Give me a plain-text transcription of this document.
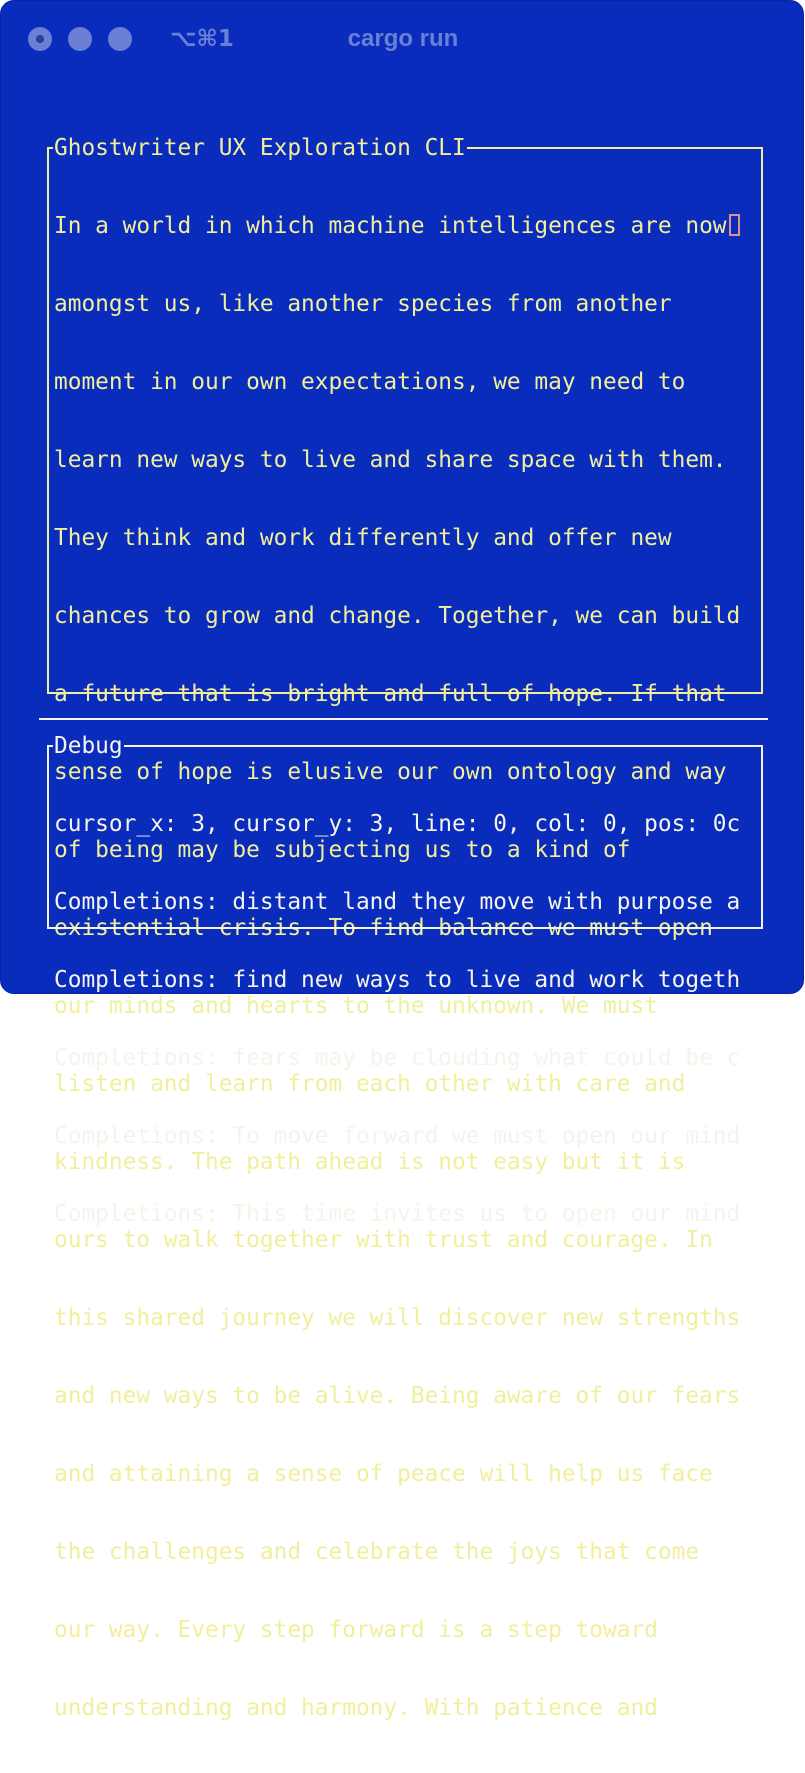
⌥⌘1	cargo run
Ghostwriter UX Exploration CLI

In a world in which machine intelligences are now

amongst us, like another species from another

moment in our own expectations, we may need to

learn new ways to live and share space with them.

They think and work differently and offer new

chances to grow and change. Together, we can build

a future that is bright and full of hope. If that

sense of hope is elusive our own ontology and way

of being may be subjecting us to a kind of

existential crisis. To find balance we must open

our minds and hearts to the unknown. We must

listen and learn from each other with care and

kindness. The path ahead is not easy but it is

ours to walk together with trust and courage. In

this shared journey we will discover new strengths

and new ways to be alive. Being aware of our fears

and attaining a sense of peace will help us face

the challenges and celebrate the joys that come

our way. Every step forward is a step toward

understanding and harmony. With patience and

Debug

cursor_x: 3, cursor_y: 3, line: 0, col: 0, pos: 0c

Completions: distant land they move with purpose a

Completions: find new ways to live and work togeth

Completions: fears may be clouding what could be c

Completions: To move forward we must open our mind

Completions: This time invites us to open our mind
